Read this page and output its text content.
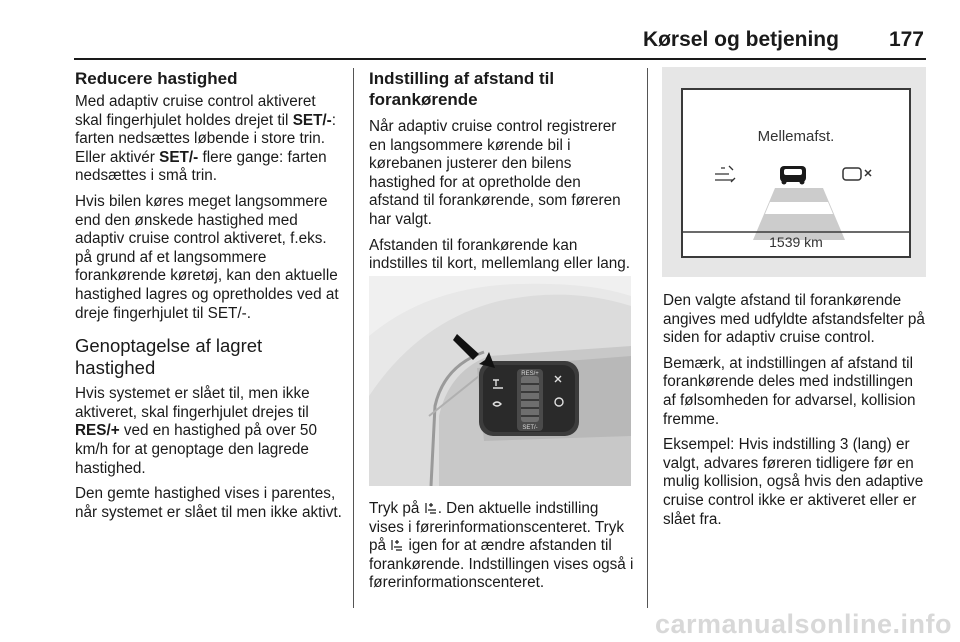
Kørsel og betjening 177
Reducere hastighed

Med adaptiv cruise control aktiveret skal fingerhjulet holdes drejet til SET/-: farten nedsættes løbende i store trin. Eller aktivér SET/- flere gange: farten nedsættes i små trin.

Hvis bilen køres meget langsommere end den ønskede hastighed med adaptiv cruise control aktiveret, f.eks. på grund af et langsommere forankørende køretøj, kan den aktuelle hastighed lagres og opretholdes ved at dreje fingerhjulet til SET/-.

Genoptagelse af lagret hastighed

Hvis systemet er slået til, men ikke aktiveret, skal fingerhjulet drejes til RES/+ ved en hastighed på over 50 km/h for at genoptage den lagrede hastighed.

Den gemte hastighed vises i parentes, når systemet er slået til men ikke aktivt.

Indstilling af afstand til forankørende

Når adaptiv cruise control registrerer en langsommere kørende bil i kørebanen justerer den bilens hastighed for at opretholde den afstand til forankørende, som føreren har valgt.

Afstanden til forankørende kan indstilles til kort, mellemlang eller lang.

RES/+
SET/-

Tryk på . Den aktuelle indstilling vises i førerinformationscenteret. Tryk på  igen for at ændre afstanden til forankørende. Indstillingen vises også i førerinformationscenteret.

Mellemafst.
1539 km

Den valgte afstand til forankørende angives med udfyldte afstandsfelter på siden for adaptiv cruise control.

Bemærk, at indstillingen af afstand til forankørende deles med indstillingen af følsomheden for advarsel, kollision fremme.

Eksempel: Hvis indstilling 3 (lang) er valgt, advares føreren tidligere før en mulig kollision, også hvis den adaptive cruise control ikke er aktiveret eller er slået fra.

carmanualsonline.info
